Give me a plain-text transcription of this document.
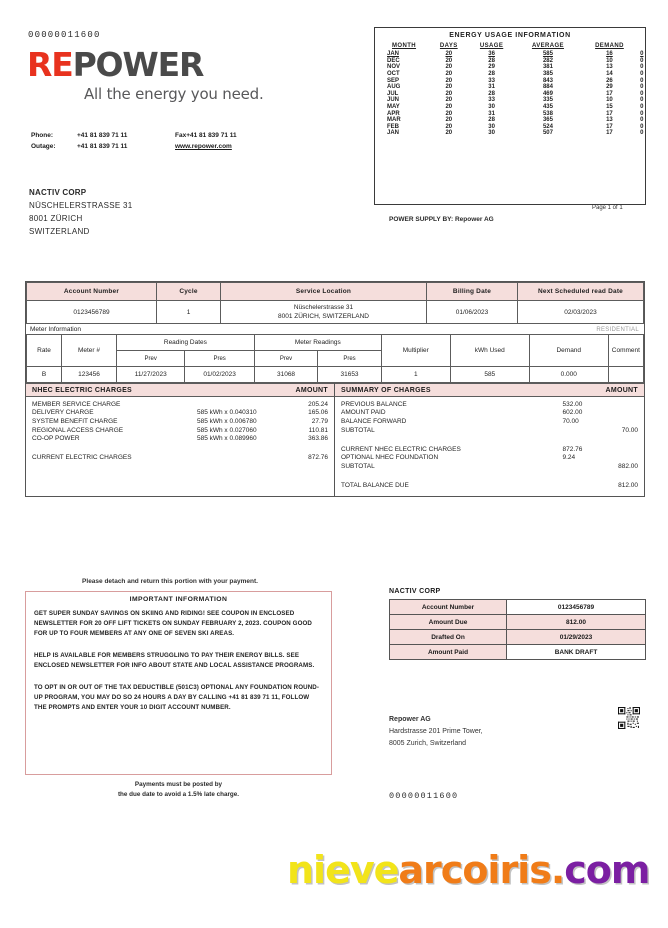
00000011600
REPOWER
All the energy you need.
Phone:	+41 81 839 71 11	Fax+41 81 839 71 11
Outage:	+41 81 839 71 11	www.repower.com
NACTIV CORP
NÜSCHELERSTRASSE 31
8001 ZÜRICH
SWITZERLAND
ENERGY USAGE INFORMATION
MONTH	DAYS	USAGE	AVERAGE	DEMAND	
JAN	20	36	585	16	0
DEC	20	28	282	10	0
NOV	20	29	381	13	0
OCT	20	28	385	14	0
SEP	20	33	843	26	0
AUG	20	31	884	29	0
JUL	20	28	469	17	0
JUN	20	33	335	10	0
MAY	20	30	435	15	0
APR	20	31	538	17	0
MAR	20	28	365	13	0
FEB	20	30	524	17	0
JAN	20	30	507	17	0
Page 1 of 1
POWER SUPPLY BY: Repower AG
Account Number	Cycle	Service Location	Billing Date	Next Scheduled read Date
0123456789	1	Nüschelerstrasse 31
8001 ZÜRICH, SWITZERLAND	01/06/2023	02/03/2023
Meter Information	RESIDENTIAL
Rate	Meter #	Reading Dates		Meter Readings		Multiplier	kWh Used	Demand	Comment
		Prev	Pres	Prev	Pres				
B	123456	11/27/2023	01/02/2023	31068	31653	1	585	0.000	
NHEC ELECTRIC CHARGES	AMOUNT
MEMBER SERVICE CHARGE		205.24
DELIVERY CHARGE	585 kWh x 0.040310	165.06
SYSTEM BENEFIT CHARGE	585 kWh x 0.006780	27.79
REGIONAL ACCESS CHARGE	585 kWh x 0.027060	110.81
CO-OP POWER	585 kWh x 0.089960	363.86

CURRENT ELECTRIC CHARGES		872.76
SUMMARY OF CHARGES	AMOUNT
PREVIOUS BALANCE	532.00	
AMOUNT PAID	602.00	
BALANCE FORWARD	70.00	
SUBTOTAL		70.00

CURRENT NHEC ELECTRIC CHARGES	872.76	
OPTIONAL NHEC FOUNDATION	9.24	
SUBTOTAL		882.00

TOTAL BALANCE DUE		812.00
Please detach and return this portion with your payment.
IMPORTANT INFORMATION
GET SUPER SUNDAY SAVINGS ON SKIING AND RIDING! SEE COUPON IN ENCLOSED NEWSLETTER FOR 20 OFF LIFT TICKETS ON SUNDAY FEBRUARY 2, 2023. COUPON GOOD FOR UP TO FOUR MEMBERS AT ANY ONE OF SEVEN SKI AREAS.
HELP IS AVAILABLE FOR MEMBERS STRUGGLING TO PAY THEIR ENERGY BILLS. SEE ENCLOSED NEWSLETTER FOR INFO ABOUT STATE AND LOCAL ASSISTANCE PROGRAMS.
TO OPT IN OR OUT OF THE TAX DEDUCTIBLE (501C3) OPTIONAL ANY FOUNDATION ROUND-UP PROGRAM, YOU MAY DO SO 24 HOURS A DAY BY CALLING +41 81 839 71 11, FOLLOW THE PROMPTS AND ENTER YOUR 10 DIGIT ACCOUNT NUMBER.
Payments must be posted by
the due date to avoid a 1.5% late charge.
NACTIV CORP
Account Number	0123456789
Amount Due	812.00
Drafted On	01/29/2023
Amount Paid	BANK DRAFT
Repower AG
Hardstrasse 201 Prime Tower,
8005 Zurich, Switzerland
00000011600
nievearcoiris.com
